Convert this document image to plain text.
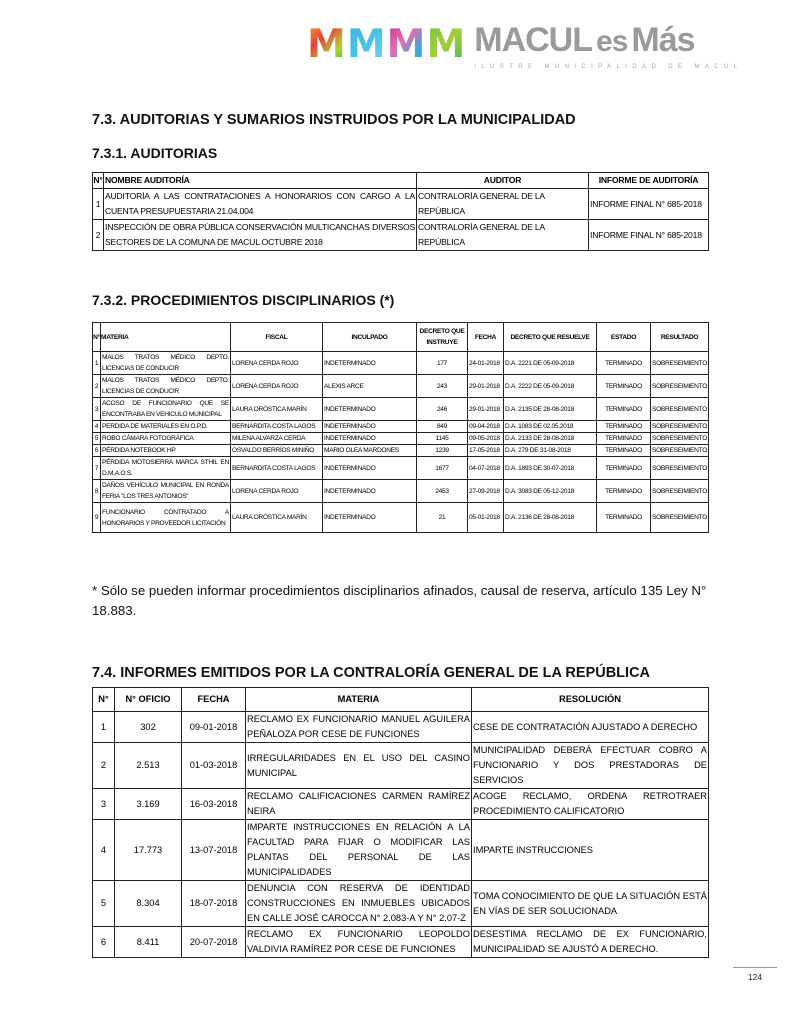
M M M M MACUL es Más
ILUSTRE MUNICIPALIDAD DE MACUL
7.3. AUDITORIAS Y SUMARIOS INSTRUIDOS POR LA MUNICIPALIDAD
7.3.1. AUDITORIAS
N°	NOMBRE AUDITORÍA	AUDITOR	INFORME DE AUDITORÍA
1	AUDITORÍA A LAS CONTRATACIONES A HONORARIOS CON CARGO A LA CUENTA PRESUPUESTARIA 21.04.004	CONTRALORÍA GENERAL DE LA REPÚBLICA	INFORME FINAL N° 685-2018
2	INSPECCIÓN DE OBRA PÚBLICA CONSERVACIÓN MULTICANCHAS DIVERSOS SECTORES DE LA COMUNA DE MACUL OCTUBRE 2018	CONTRALORÍA GENERAL DE LA REPÚBLICA	INFORME FINAL N° 685-2018
7.3.2. PROCEDIMIENTOS DISCIPLINARIOS (*)
N°	MATERIA	FISCAL	INCULPADO	DECRETO QUE INSTRUYE	FECHA	DECRETO QUE RESUELVE	ESTADO	RESULTADO
1	MALOS TRATOS MÉDICO DEPTO. LICENCIAS DE CONDUCIR	LORENA CERDA ROJO	INDETERMINADO	177	24-01-2018	D.A. 2221 DE 05-09-2018	TERMINADO	SOBRESEIMIENTO
2	MALOS TRATOS MÉDICO DEPTO. LICENCIAS DE CONDUCIR	LORENA CERDA ROJO	ALEXIS ARCE	243	29-01-2018	D.A. 2222 DE 05-09-2018	TERMINADO	SOBRESEIMIENTO
3	ACOSO DE FUNCIONARIO QUE SE ENCONTRABA EN VEHICULO MUNICIPAL	LAURA ORÓSTICA MARÍN	INDETERMINADO	246	29-01-2018	D.A. 2135 DE 28-08-2018	TERMINADO	SOBRESEIMIENTO
4	PERDIDA DE MATERIALES EN O.P.D.	BERNARDITA COSTA LAGOS	INDETERMINADO	849	09-04-2018	D.A. 1083 DE 02.05.2018	TERMINADO	SOBRESEIMIENTO
5	ROBO CÁMARA FOTOGRÁFICA	MILENA ALVARZA CERDA	INDETERMINADO	1145	09-05-2018	D.A. 2133 DE 28-08-2018	TERMINADO	SOBRESEIMIENTO
6	PÉRDIDA NOTEBOOK HP	OSVALDO BERRÍOS MINIÑO	MARIO OLEA MARDONES	1239	17-05-2018	D.A. 279 DE 31-08-2018	TERMINADO	SOBRESEIMIENTO
7	PÉRDIDA MOTOSIERRA MARCA STHIL EN D.M.A.O.S.	BERNARDITA COSTA LAGOS	INDETERMINADO	1677	04-07-2018	D.A. 1893 DE 30-07-2018	TERMINADO	SOBRESEIMIENTO
8	DAÑOS VEHÍCULO MUNICIPAL EN RONDA FERIA "LOS TRES ANTONIOS"	LORENA CERDA ROJO	INDETERMINADO	2453	27-09-2018	D.A. 3083 DE 05-12-2018	TERMINADO	SOBRESEIMIENTO
9	FUNCIONARIO CONTRATADO A HONORARIOS Y PROVEEDOR LICITACIÓN	LAURA ORÓSTICA MARÍN	INDETERMINADO	21	05-01-2018	D.A. 2136 DE 28-08-2018	TERMINADO	SOBRESEIMIENTO
* Sólo se pueden informar procedimientos disciplinarios afinados, causal de reserva, artículo 135 Ley N° 18.883.
7.4. INFORMES EMITIDOS POR LA CONTRALORÍA GENERAL DE LA REPÚBLICA
N°	N° OFICIO	FECHA	MATERIA	RESOLUCIÓN
1	302	09-01-2018	RECLAMO EX FUNCIONARIO MANUEL AGUILERA PEÑALOZA POR CESE DE FUNCIONES	CESE DE CONTRATACIÓN AJUSTADO A DERECHO
2	2.513	01-03-2018	IRREGULARIDADES EN EL USO DEL CASINO MUNICIPAL	MUNICIPALIDAD DEBERÁ EFECTUAR COBRO A FUNCIONARIO Y DOS PRESTADORAS DE SERVICIOS
3	3.169	16-03-2018	RECLAMO CALIFICACIONES CARMEN RAMÍREZ NEIRA	ACOGE RECLAMO, ORDENA RETROTRAER PROCEDIMIENTO CALIFICATORIO
4	17.773	13-07-2018	IMPARTE INSTRUCCIONES EN RELACIÓN A LA FACULTAD PARA FIJAR O MODIFICAR LAS PLANTAS DEL PERSONAL DE LAS MUNICIPALIDADES	IMPARTE INSTRUCCIONES
5	8.304	18-07-2018	DENUNCIA CON RESERVA DE IDENTIDAD CONSTRUCCIONES EN INMUEBLES UBICADOS EN CALLE JOSÉ CAROCCA N° 2.083-A Y N° 2.07-Z	TOMA CONOCIMIENTO DE QUE LA SITUACIÓN ESTÁ EN VÍAS DE SER SOLUCIONADA
6	8.411	20-07-2018	RECLAMO EX FUNCIONARIO LEOPOLDO VALDIVIA RAMÍREZ POR CESE DE FUNCIONES	DESESTIMA RECLAMO DE EX FUNCIONARIO, MUNICIPALIDAD SE AJUSTÓ A DERECHO.
124
